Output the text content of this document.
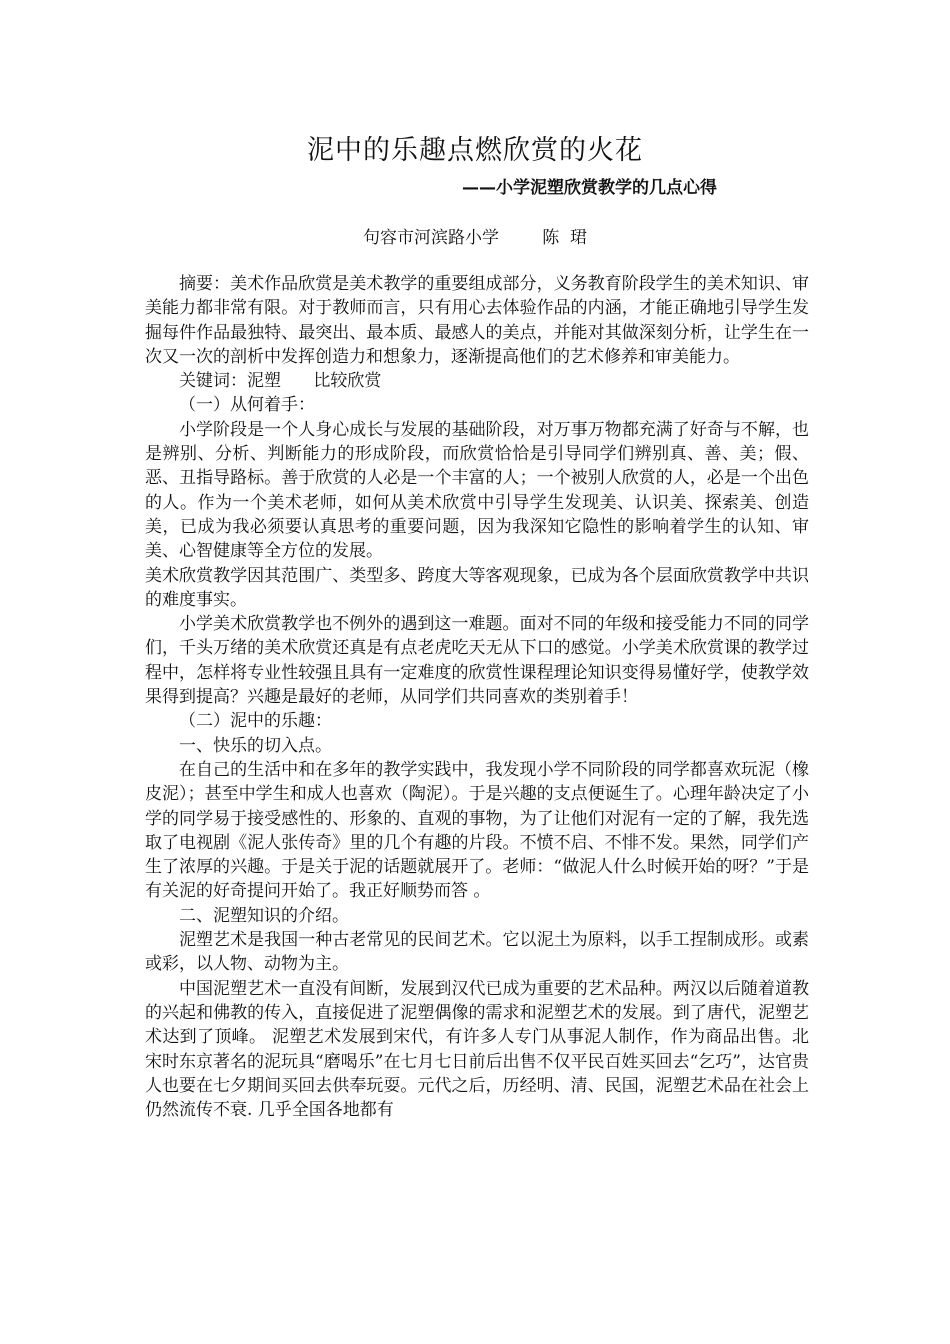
泥中的乐趣点燃欣赏的火花
——小学泥塑欣赏教学的几点心得
句容市河滨路小学        陈  珺

摘要：美术作品欣赏是美术教学的重要组成部分，义务教育阶段学生的美术知识、审美能力都非常有限。对于教师而言，只有用心去体验作品的内涵，才能正确地引导学生发掘每件作品最独特、最突出、最本质、最感人的美点，并能对其做深刻分析，让学生在一次又一次的剖析中发挥创造力和想象力，逐渐提高他们的艺术修养和审美能力。

关键词：泥塑      比较欣赏

（一）从何着手：

小学阶段是一个人身心成长与发展的基础阶段，对万事万物都充满了好奇与不解，也是辨别、分析、判断能力的形成阶段，而欣赏恰恰是引导同学们辨别真、善、美；假、恶、丑指导路标。善于欣赏的人必是一个丰富的人；一个被别人欣赏的人，必是一个出色的人。作为一个美术老师，如何从美术欣赏中引导学生发现美、认识美、探索美、创造美，已成为我必须要认真思考的重要问题，因为我深知它隐性的影响着学生的认知、审美、心智健康等全方位的发展。

美术欣赏教学因其范围广、类型多、跨度大等客观现象，已成为各个层面欣赏教学中共识的难度事实。

小学美术欣赏教学也不例外的遇到这一难题。面对不同的年级和接受能力不同的同学们，千头万绪的美术欣赏还真是有点老虎吃天无从下口的感觉。小学美术欣赏课的教学过程中，怎样将专业性较强且具有一定难度的欣赏性课程理论知识变得易懂好学，使教学效果得到提高？兴趣是最好的老师，从同学们共同喜欢的类别着手！

（二）泥中的乐趣：

一、快乐的切入点。

在自己的生活中和在多年的教学实践中，我发现小学不同阶段的同学都喜欢玩泥（橡皮泥）；甚至中学生和成人也喜欢（陶泥）。于是兴趣的支点便诞生了。心理年龄决定了小学的同学易于接受感性的、形象的、直观的事物，为了让他们对泥有一定的了解，我先选取了电视剧《泥人张传奇》里的几个有趣的片段。不愤不启、不悱不发。果然，同学们产生了浓厚的兴趣。于是关于泥的话题就展开了。老师：“做泥人什么时候开始的呀？”于是有关泥的好奇提问开始了。我正好顺势而答 。

二、泥塑知识的介绍。

泥塑艺术是我国一种古老常见的民间艺术。它以泥土为原料，以手工捏制成形。或素或彩，以人物、动物为主。

中国泥塑艺术一直没有间断，发展到汉代已成为重要的艺术品种。两汉以后随着道教的兴起和佛教的传入，直接促进了泥塑偶像的需求和泥塑艺术的发展。到了唐代，泥塑艺术达到了顶峰。 泥塑艺术发展到宋代，有许多人专门从事泥人制作，作为商品出售。北宋时东京著名的泥玩具“磨喝乐”在七月七日前后出售不仅平民百姓买回去“乞巧”，达官贵人也要在七夕期间买回去供奉玩耍。元代之后，历经明、清、民国，泥塑艺术品在社会上仍然流传不衰. 几乎全国各地都有
